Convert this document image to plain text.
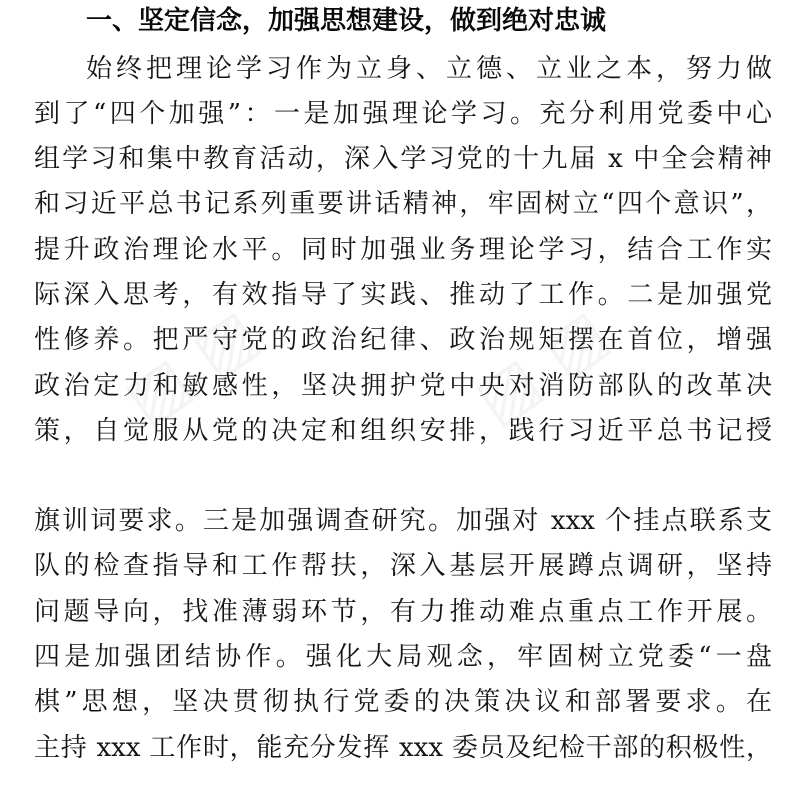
▨ ▨	▨ ▨
一、坚定信念，加强思想建设，做到绝对忠诚
始终把理论学习作为立身、立德、立业之本，努力做
到了“四个加强”：一是加强理论学习。充分利用党委中心
组学习和集中教育活动，深入学习党的十九届 x 中全会精神
和习近平总书记系列重要讲话精神，牢固树立“四个意识”，
提升政治理论水平。同时加强业务理论学习，结合工作实
际深入思考，有效指导了实践、推动了工作。二是加强党
性修养。把严守党的政治纪律、政治规矩摆在首位，增强
政治定力和敏感性，坚决拥护党中央对消防部队的改革决
策，自觉服从党的决定和组织安排，践行习近平总书记授
旗训词要求。三是加强调查研究。加强对 xxx 个挂点联系支
队的检查指导和工作帮扶，深入基层开展蹲点调研，坚持
问题导向，找准薄弱环节，有力推动难点重点工作开展。
四是加强团结协作。强化大局观念，牢固树立党委“一盘
棋”思想，坚决贯彻执行党委的决策决议和部署要求。在
主持 xxx 工作时，能充分发挥 xxx 委员及纪检干部的积极性，
